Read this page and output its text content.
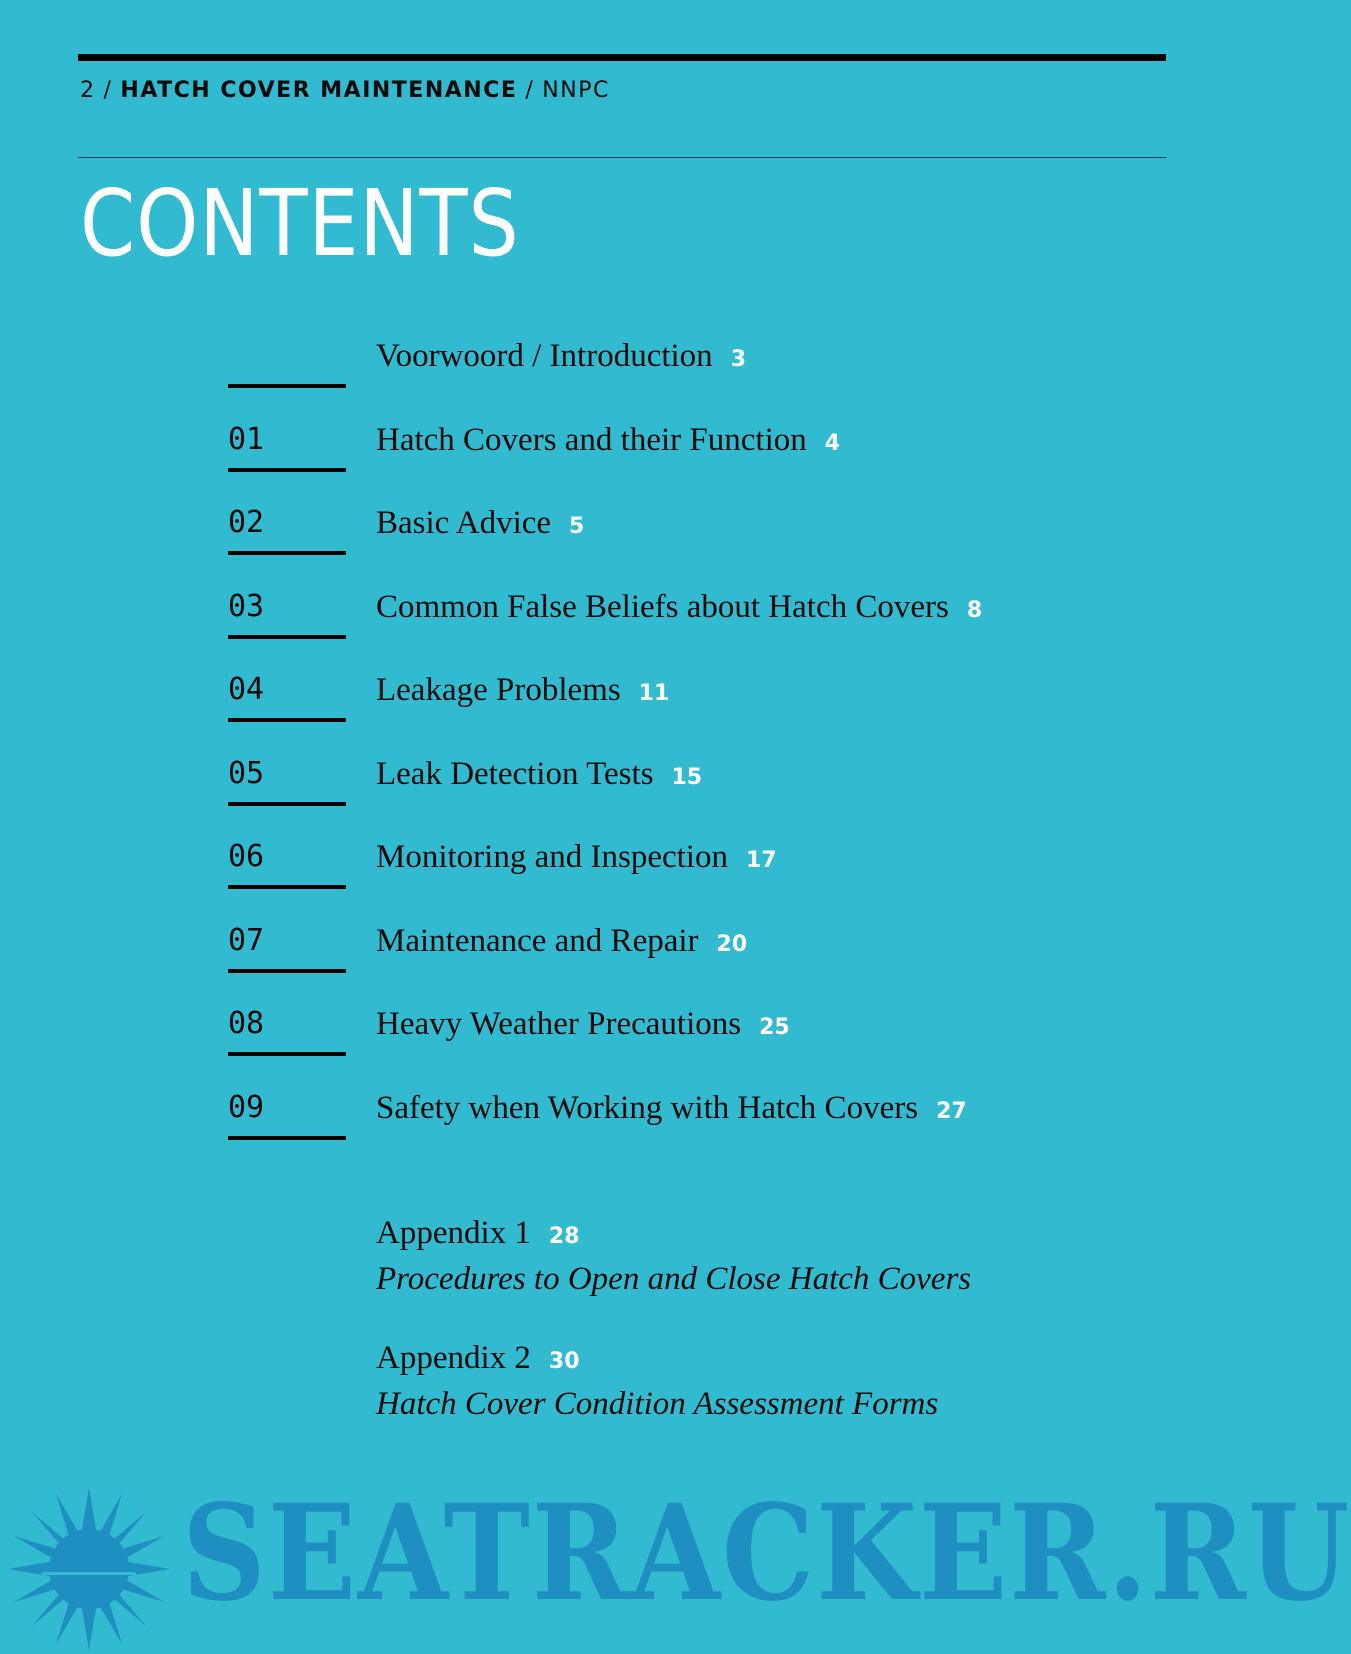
2 / HATCH COVER MAINTENANCE / NNPC
CONTENTS
Voorwoord / Introduction 3
01	Hatch Covers and their Function 4
02	Basic Advice 5
03	Common False Beliefs about Hatch Covers 8
04	Leakage Problems 11
05	Leak Detection Tests 15
06	Monitoring and Inspection 17
07	Maintenance and Repair 20
08	Heavy Weather Precautions 25
09	Safety when Working with Hatch Covers 27
Appendix 1 28
Procedures to Open and Close Hatch Covers
Appendix 2 30
Hatch Cover Condition Assessment Forms
SEATRACKER.RU
